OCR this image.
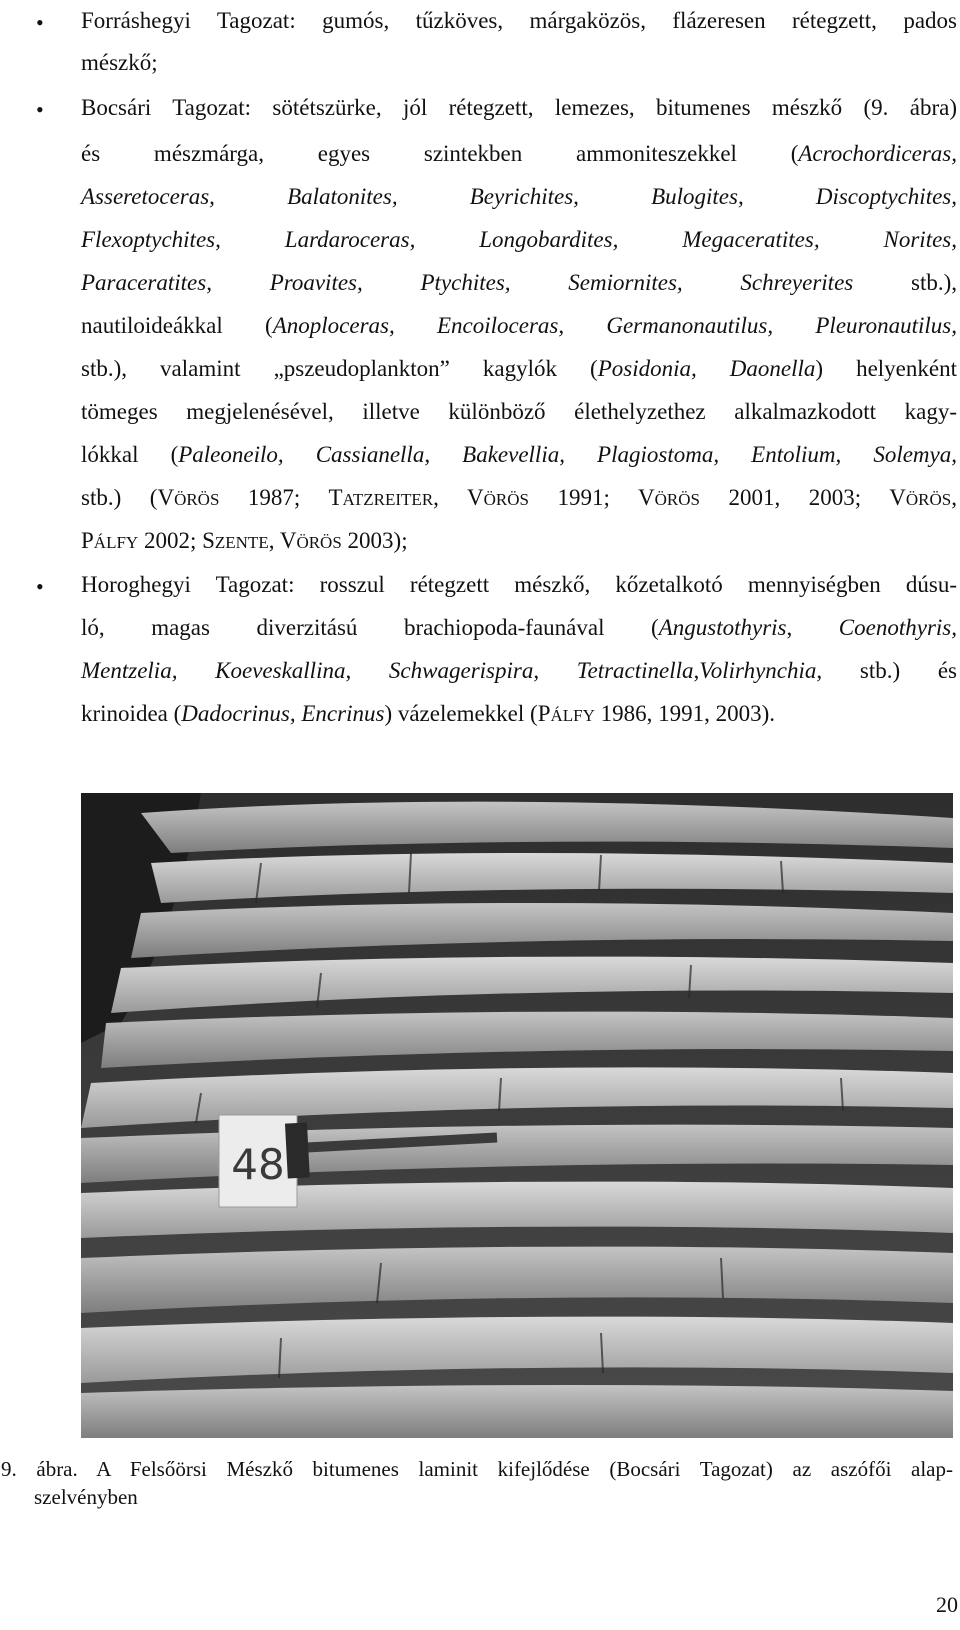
• Forráshegyi Tagozat: gumós, tűzköves, márgaközös, flázeresen rétegzett, pados
mészkő;
• Bocsári Tagozat: sötétszürke, jól rétegzett, lemezes, bitumenes mészkő (9. ábra)
és mészmárga, egyes szintekben ammoniteszekkel (Acrochordiceras,
Asseretoceras, Balatonites, Beyrichites, Bulogites, Discoptychites,
Flexoptychites, Lardaroceras, Longobardites, Megaceratites, Norites,
Paraceratites, Proavites, Ptychites, Semiornites, Schreyerites stb.),
nautiloideákkal (Anoploceras, Encoiloceras, Germanonautilus, Pleuronautilus,
stb.), valamint „pszeudoplankton” kagylók (Posidonia, Daonella) helyenként
tömeges megjelenésével, illetve különböző élethelyzethez alkalmazkodott kagy-
lókkal (Paleoneilo, Cassianella, Bakevellia, Plagiostoma, Entolium, Solemya,
stb.) (VÖRÖS 1987; TATZREITER, VÖRÖS 1991; VÖRÖS 2001, 2003; VÖRÖS,
PÁLFY 2002; SZENTE, VÖRÖS 2003);
• Horoghegyi Tagozat: rosszul rétegzett mészkő, kőzetalkotó mennyiségben dúsu-
ló, magas diverzitású brachiopoda-faunával (Angustothyris, Coenothyris,
Mentzelia, Koeveskallina, Schwagerispira, Tetractinella,Volirhynchia, stb.) és
krinoidea (Dadocrinus, Encrinus) vázelemekkel (PÁLFY 1986, 1991, 2003).
48
9. ábra. A Felsőörsi Mészkő bitumenes laminit kifejlődése (Bocsári Tagozat) az aszófői alap-
szelvényben
20
